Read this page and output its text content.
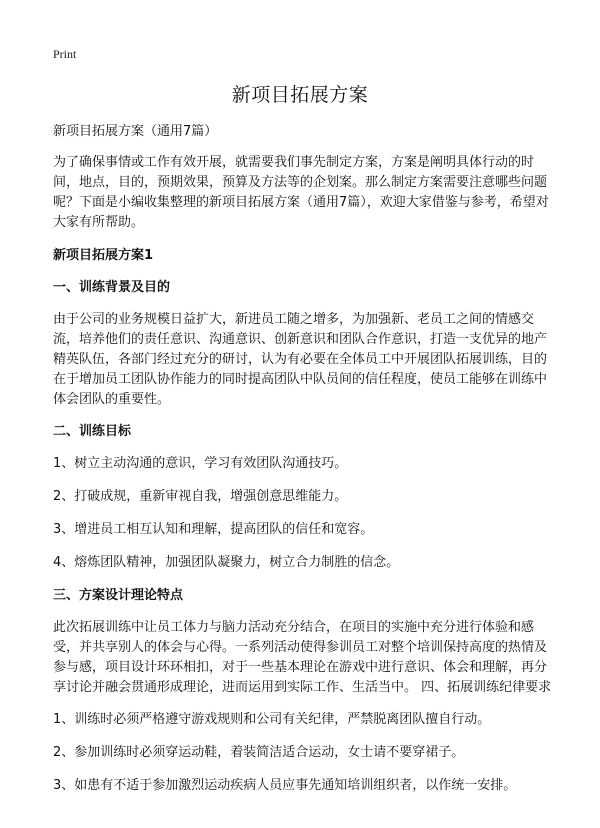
Print
新项目拓展方案

新项目拓展方案（通用7篇）

为了确保事情或工作有效开展，就需要我们事先制定方案，方案是阐明具体行动的时间，地点，目的，预期效果，预算及方法等的企划案。那么制定方案需要注意哪些问题呢？下面是小编收集整理的新项目拓展方案（通用7篇），欢迎大家借鉴与参考，希望对大家有所帮助。

新项目拓展方案1
一、训练背景及目的

由于公司的业务规模日益扩大，新进员工随之增多，为加强新、老员工之间的情感交流，培养他们的责任意识、沟通意识、创新意识和团队合作意识，打造一支优异的地产精英队伍，各部门经过充分的研讨，认为有必要在全体员工中开展团队拓展训练，目的在于增加员工团队协作能力的同时提高团队中队员间的信任程度，使员工能够在训练中体会团队的重要性。

二、训练目标

1、树立主动沟通的意识，学习有效团队沟通技巧。

2、打破成规，重新审视自我，增强创意思维能力。

3、增进员工相互认知和理解，提高团队的信任和宽容。

4、熔炼团队精神，加强团队凝聚力，树立合力制胜的信念。

三、方案设计理论特点

此次拓展训练中让员工体力与脑力活动充分结合，在项目的实施中充分进行体验和感受，并共享别人的体会与心得。一系列活动使得参训员工对整个培训保持高度的热情及参与感，项目设计环环相扣，对于一些基本理论在游戏中进行意识、体会和理解，再分享讨论并融会贯通形成理论，进而运用到实际工作、生活当中。 四、拓展训练纪律要求

1、训练时必须严格遵守游戏规则和公司有关纪律，严禁脱离团队擅自行动。

2、参加训练时必须穿运动鞋，着装简洁适合运动，女士请不要穿裙子。

3、如患有不适于参加激烈运动疾病人员应事先通知培训组织者，以作统一安排。
